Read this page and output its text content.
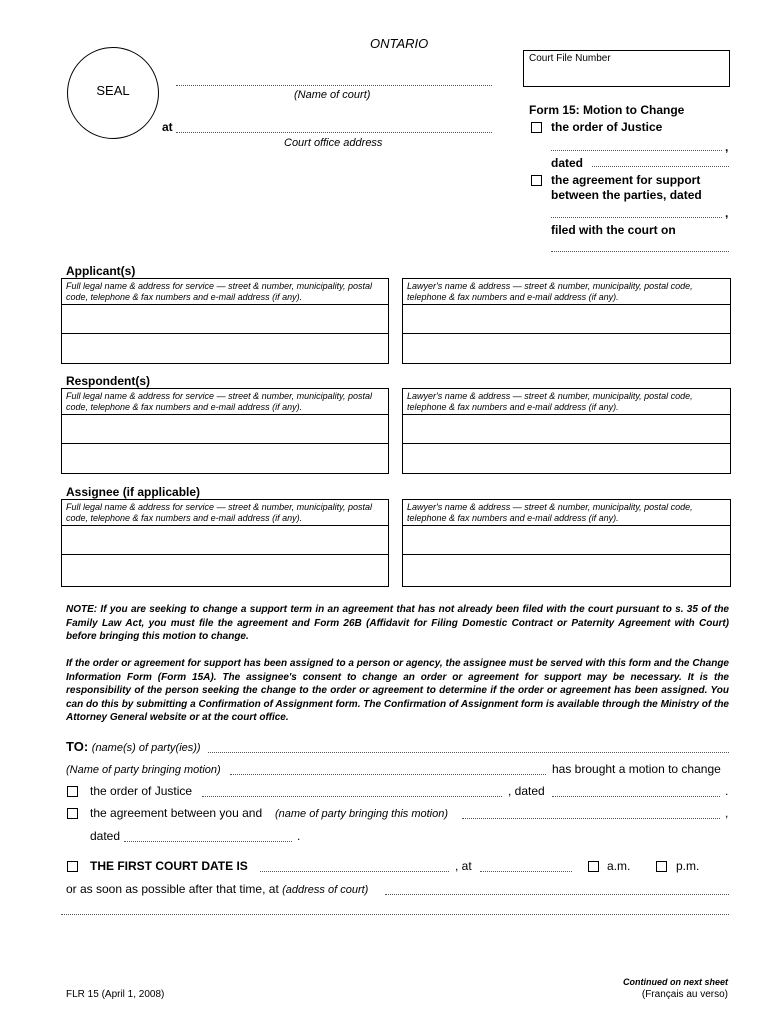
ONTARIO
SEAL
Court File Number
(Name of court)
at
Court office address
Form 15: Motion to Change
the order of Justice
,
dated
the agreement for support
between the parties, dated
,
filed with the court on
Applicant(s)
Full legal name & address for service — street & number, municipality, postal code, telephone & fax numbers and e-mail address (if any).
Lawyer's name & address — street & number, municipality, postal code, telephone & fax numbers and e-mail address (if any).
Respondent(s)
Full legal name & address for service — street & number, municipality, postal code, telephone & fax numbers and e-mail address (if any).
Lawyer's name & address — street & number, municipality, postal code, telephone & fax numbers and e-mail address (if any).
Assignee (if applicable)
Full legal name & address for service — street & number, municipality, postal code, telephone & fax numbers and e-mail address (if any).
Lawyer's name & address — street & number, municipality, postal code, telephone & fax numbers and e-mail address (if any).
NOTE: If you are seeking to change a support term in an agreement that has not already been filed with the court pursuant to s. 35 of the Family Law Act, you must file the agreement and Form 26B (Affidavit for Filing Domestic Contract or Paternity Agreement with Court) before bringing this motion to change.
If the order or agreement for support has been assigned to a person or agency, the assignee must be served with this form and the Change Information Form (Form 15A). The assignee's consent to change an order or agreement for support may be necessary. It is the responsibility of the person seeking the change to the order or agreement to determine if the order or agreement has been assigned. You can do this by submitting a Confirmation of Assignment form. The Confirmation of Assignment form is available through the Ministry of the Attorney General website or at the court office.
TO: (name(s) of party(ies))
(Name of party bringing motion)	has brought a motion to change
the order of Justice	, dated	.
the agreement between you and (name of party bringing this motion)	,
dated	.
THE FIRST COURT DATE IS	, at	a.m.	p.m.
or as soon as possible after that time, at (address of court)
FLR 15 (April 1, 2008)
Continued on next sheet
(Français au verso)
